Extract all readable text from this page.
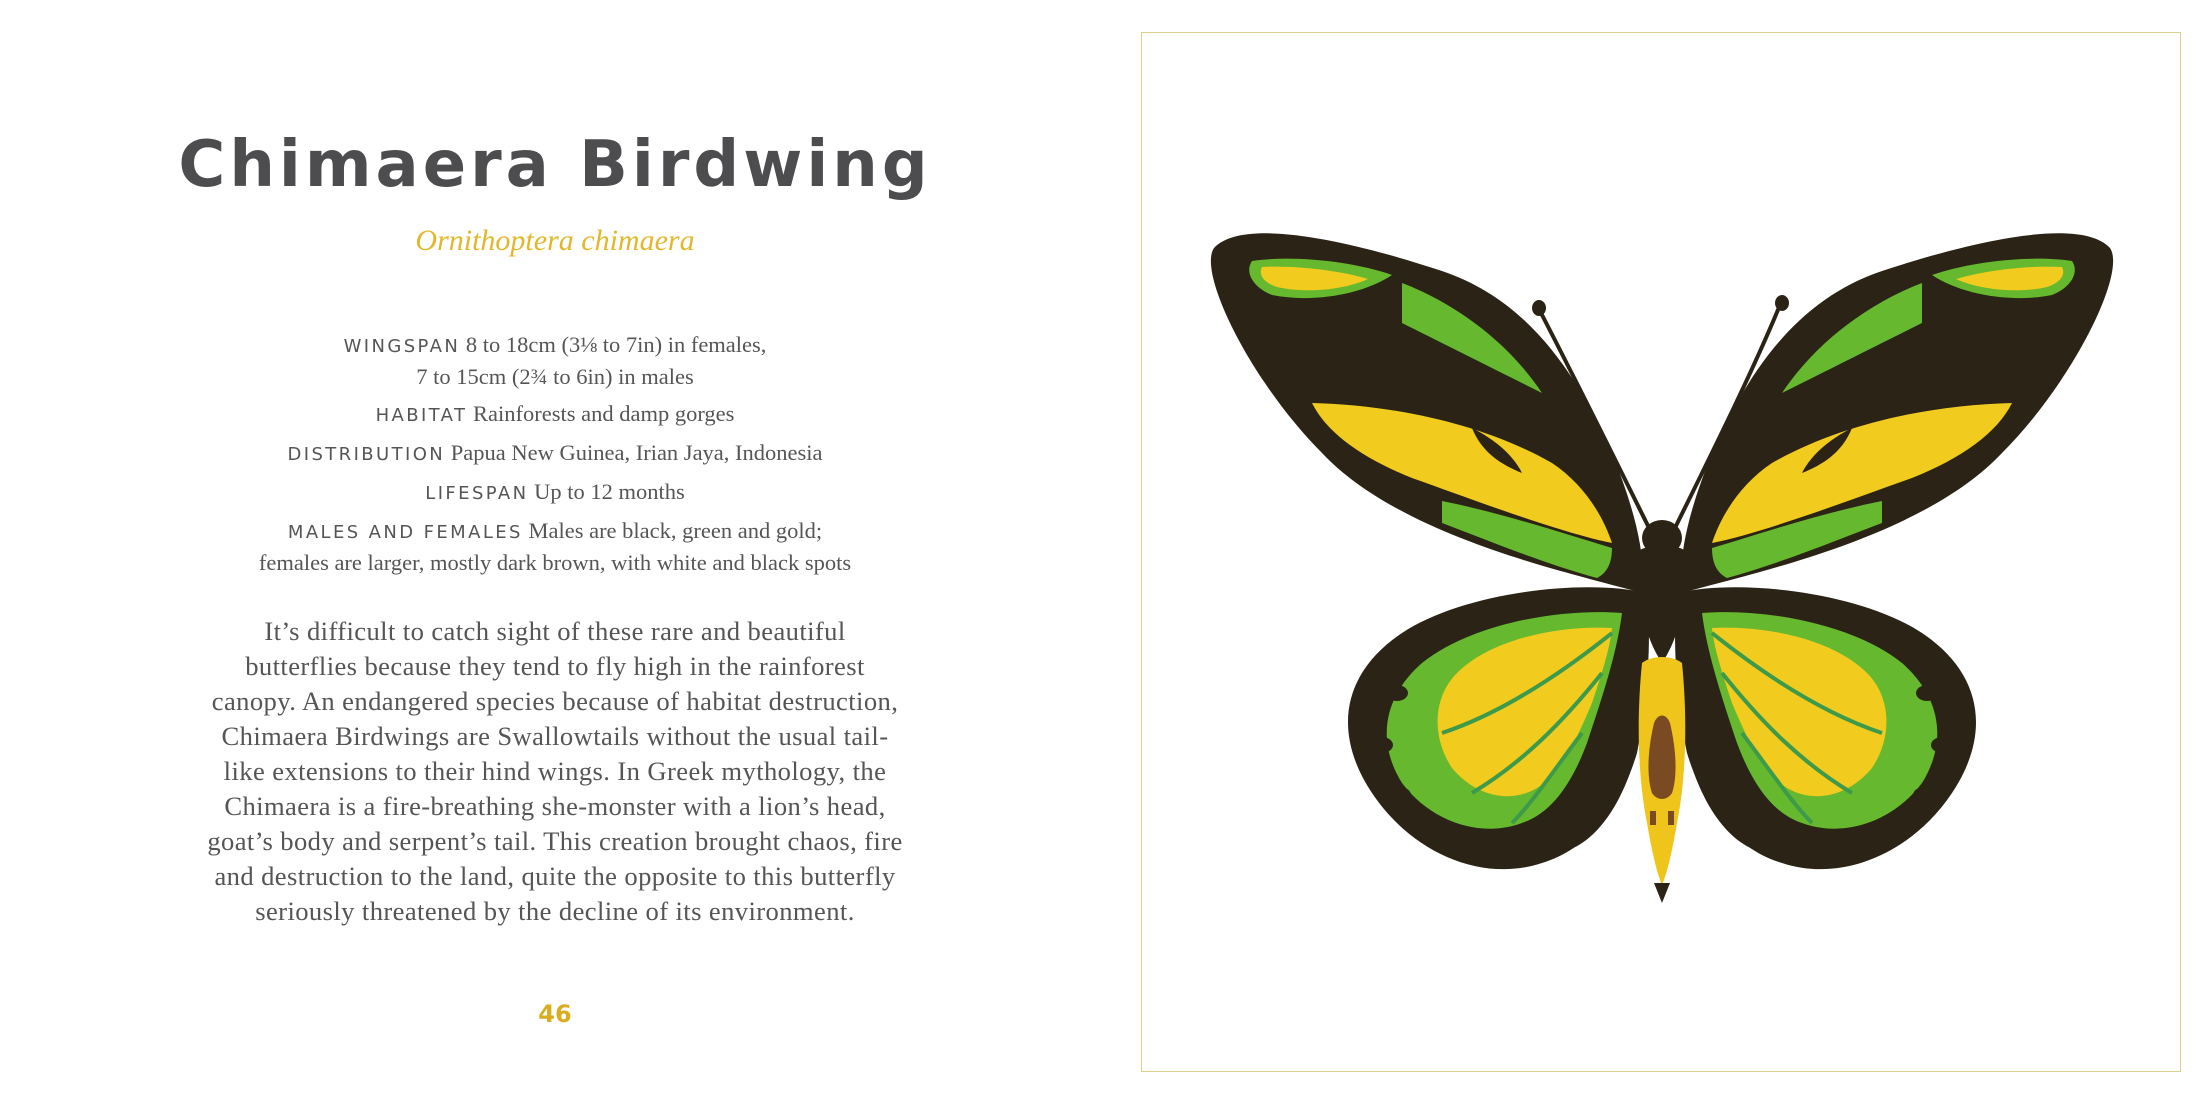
Chimaera Birdwing
Ornithoptera chimaera
WINGSPAN 8 to 18cm (3⅛ to 7in) in females,
7 to 15cm (2¾ to 6in) in males
HABITAT Rainforests and damp gorges
DISTRIBUTION Papua New Guinea, Irian Jaya, Indonesia
LIFESPAN Up to 12 months
MALES AND FEMALES Males are black, green and gold;
females are larger, mostly dark brown, with white and black spots
It’s difficult to catch sight of these rare and beautiful
butterflies because they tend to fly high in the rainforest
canopy. An endangered species because of habitat destruction,
Chimaera Birdwings are Swallowtails without the usual tail-
like extensions to their hind wings. In Greek mythology, the
Chimaera is a fire-breathing she-monster with a lion’s head,
goat’s body and serpent’s tail. This creation brought chaos, fire
and destruction to the land, quite the opposite to this butterfly
seriously threatened by the decline of its environment.
46
